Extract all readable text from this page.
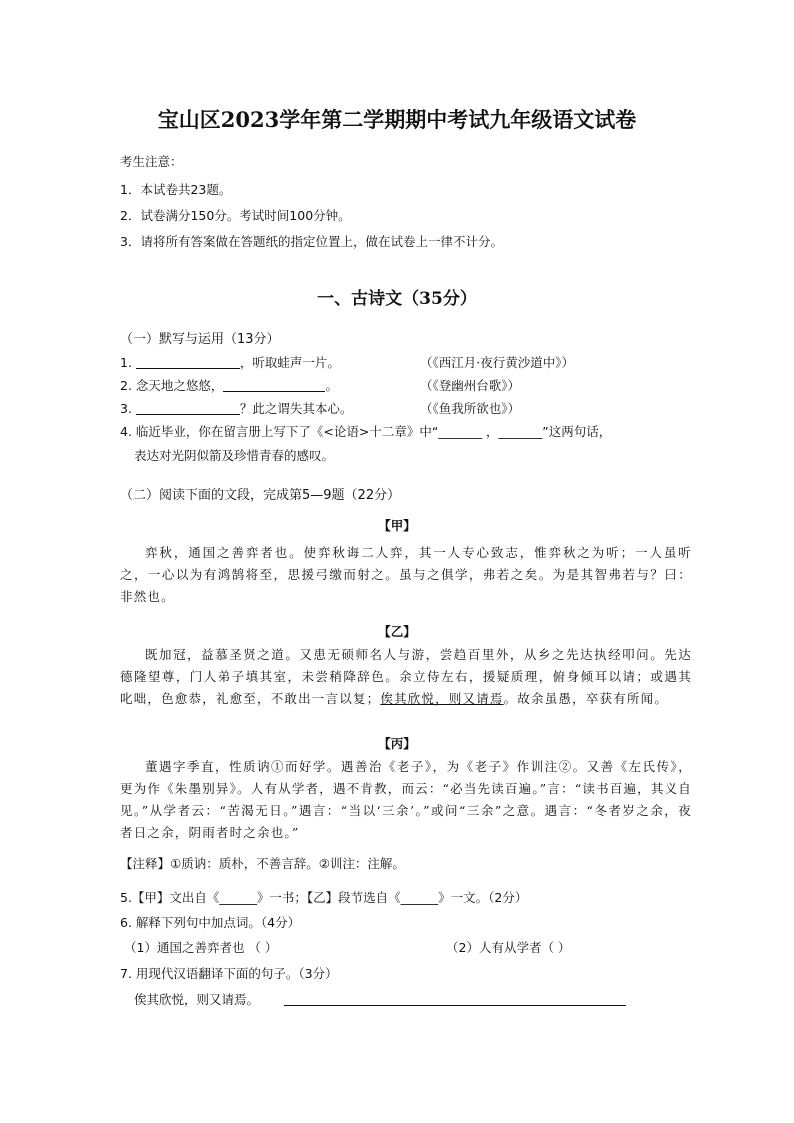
宝山区2023学年第二学期期中考试九年级语文试卷
考生注意：
1．本试卷共23题。
2．试卷满分150分。考试时间100分钟。
3．请将所有答案做在答题纸的指定位置上，做在试卷上一律不计分。
一、古诗文（35分）
（一）默写与运用（13分）
1.	，听取蛙声一片。	（《西江月·夜行黄沙道中》）
2. 念天地之悠悠，	。	（《登幽州台歌》）
3.	？此之谓失其本心。	（《鱼我所欲也》）
4. 临近毕业，你在留言册上写下了《<论语>十二章》中“_______ ，_______”这两句话，
表达对光阴似箭及珍惜青春的感叹。
（二）阅读下面的文段，完成第5—9题（22分）
【甲】

弈秋，通国之善弈者也。使弈秋诲二人弈，其一人专心致志，惟弈秋之为听；一人虽听之，一心以为有鸿鹄将至，思援弓缴而射之。虽与之俱学，弗若之矣。为是其智弗若与？曰：非然也。

【乙】

既加冠，益慕圣贤之道。又患无硕师名人与游，尝趋百里外，从乡之先达执经叩问。先达德隆望尊，门人弟子填其室，未尝稍降辞色。余立侍左右，援疑质理，俯身倾耳以请；或遇其叱咄，色愈恭，礼愈至，不敢出一言以复；俟其欣悦，则又请焉。故余虽愚，卒获有所闻。

【丙】

董遇字季直，性质讷①而好学。遇善治《老子》，为《老子》作训注②。又善《左氏传》，更为作《朱墨别异》。人有从学者，遇不肯教，而云：“必当先读百遍。”言：“读书百遍，其义自见。”从学者云：“苦渴无日。”遇言：“当以‘三余’。”或问“三余”之意。遇言：“冬者岁之余，夜者日之余，阴雨者时之余也。”

【注释】①质讷：质朴，不善言辞。②训注：注解。
5.【甲】文出自《______》一书；【乙】段节选自《______》一文。（2分）
6. 解释下列句中加点词。（4分）
（1）通国之善弈者也 （ ）	（2）人有从学者（ ）
7. 用现代汉语翻译下面的句子。（3分）
俟其欣悦，则又请焉。
